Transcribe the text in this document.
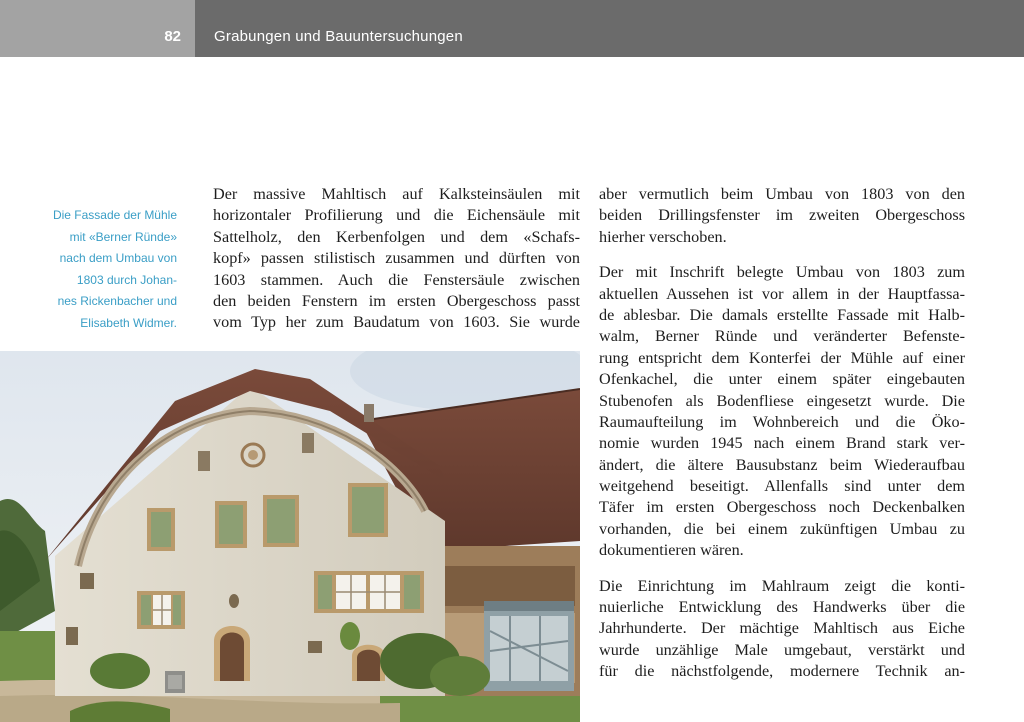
82 Grabungen und Bauuntersuchungen
Die Fassade der Mühle
mit «Berner Ründe»
nach dem Umbau von
1803 durch Johan-
nes Rickenbacher und
Elisabeth Widmer.
Der massive Mahltisch auf Kalksteinsäulen mit
horizontaler Profilierung und die Eichensäule mit
Sattelholz, den Kerbenfolgen und dem «Schafs-
kopf» passen stilistisch zusammen und dürften von
1603 stammen. Auch die Fenstersäule zwischen
den beiden Fenstern im ersten Obergeschoss passt
vom Typ her zum Baudatum von 1603. Sie wurde
aber vermutlich beim Umbau von 1803 von den
beiden Drillingsfenster im zweiten Obergeschoss
hierher verschoben.
Der mit Inschrift belegte Umbau von 1803 zum
aktuellen Aussehen ist vor allem in der Hauptfassa-
de ablesbar. Die damals erstellte Fassade mit Halb-
walm, Berner Ründe und veränderter Befenste-
rung entspricht dem Konterfei der Mühle auf einer
Ofenkachel, die unter einem später eingebauten
Stubenofen als Bodenfliese eingesetzt wurde. Die
Raumaufteilung im Wohnbereich und die Öko-
nomie wurden 1945 nach einem Brand stark ver-
ändert, die ältere Bausubstanz beim Wiederaufbau
weitgehend beseitigt. Allenfalls sind unter dem
Täfer im ersten Obergeschoss noch Deckenbalken
vorhanden, die bei einem zukünftigen Umbau zu
dokumentieren wären.
Die Einrichtung im Mahlraum zeigt die konti-
nuierliche Entwicklung des Handwerks über die
Jahrhunderte. Der mächtige Mahltisch aus Eiche
wurde unzählige Male umgebaut, verstärkt und
für die nächstfolgende, modernere Technik an-
